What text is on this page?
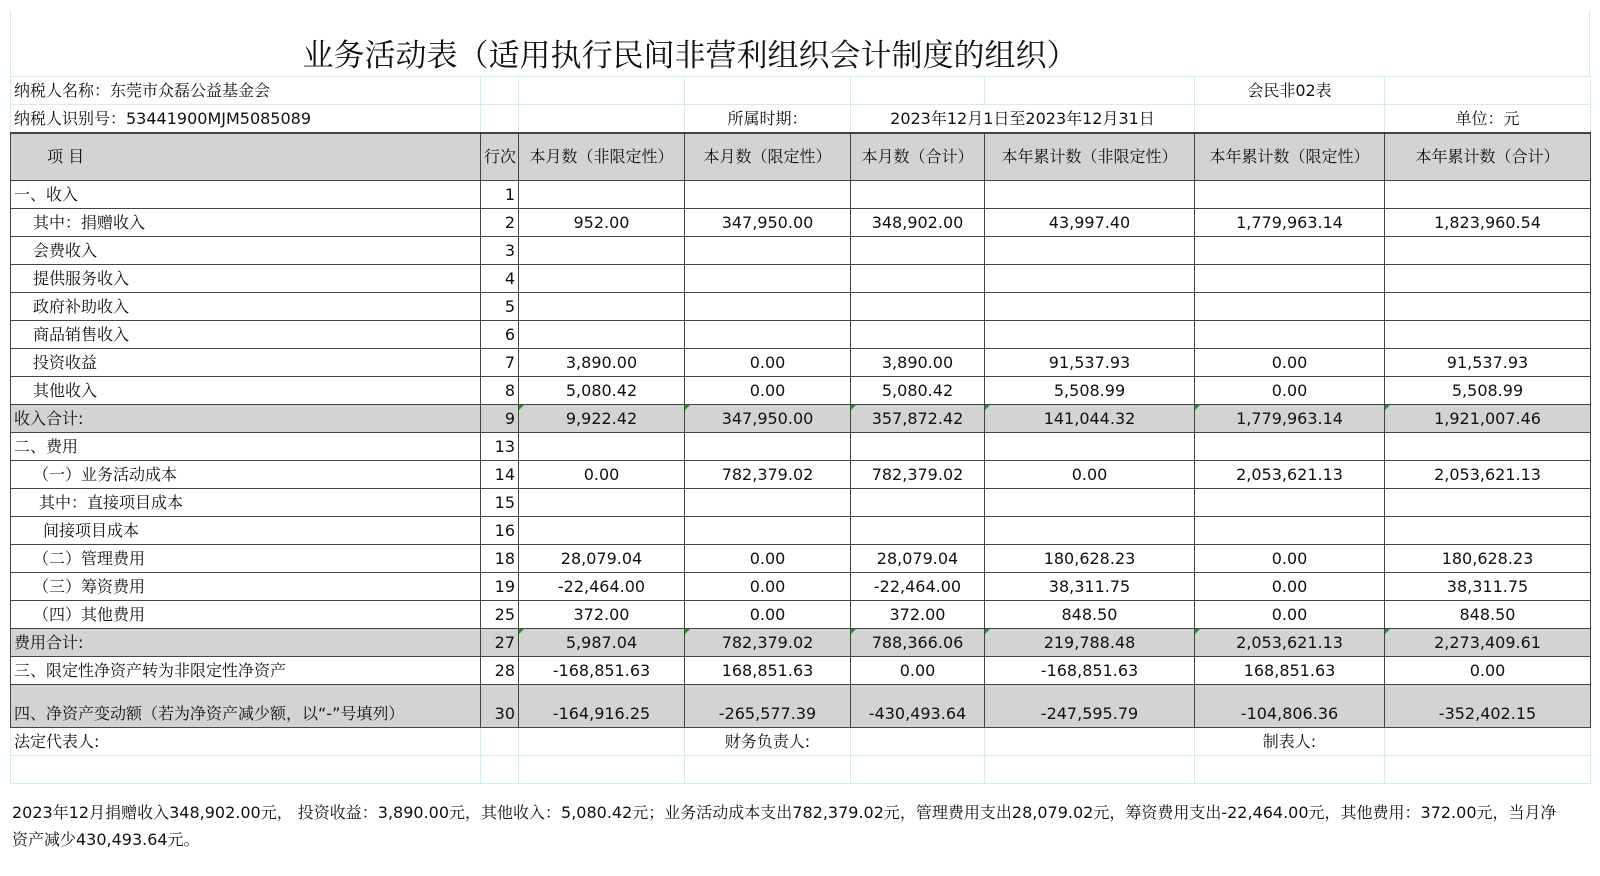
业务活动表（适用执行民间非营利组织会计制度的组织）
纳税人名称：东莞市众磊公益基金会						会民非02表	
纳税人识别号：53441900MJM5085089			所属时期：	2023年12月1日至2023年12月31日			单位：元
项 目	行次	本月数（非限定性）	本月数（限定性）	本月数（合计）	本年累计数（非限定性）	本年累计数（限定性）	本年累计数（合计）
一、收入	1						
其中：捐赠收入	2	952.00	347,950.00	348,902.00	43,997.40	1,779,963.14	1,823,960.54
会费收入	3						
提供服务收入	4						
政府补助收入	5						
商品销售收入	6						
投资收益	7	3,890.00	0.00	3,890.00	91,537.93	0.00	91,537.93
其他收入	8	5,080.42	0.00	5,080.42	5,508.99	0.00	5,508.99
收入合计:	9	9,922.42	347,950.00	357,872.42	141,044.32	1,779,963.14	1,921,007.46
二、费用	13						
（一）业务活动成本	14	0.00	782,379.02	782,379.02	0.00	2,053,621.13	2,053,621.13
其中：直接项目成本	15						
间接项目成本	16						
（二）管理费用	18	28,079.04	0.00	28,079.04	180,628.23	0.00	180,628.23
（三）筹资费用	19	-22,464.00	0.00	-22,464.00	38,311.75	0.00	38,311.75
（四）其他费用	25	372.00	0.00	372.00	848.50	0.00	848.50
费用合计:	27	5,987.04	782,379.02	788,366.06	219,788.48	2,053,621.13	2,273,409.61
三、限定性净资产转为非限定性净资产	28	-168,851.63	168,851.63	0.00	-168,851.63	168,851.63	0.00
四、净资产变动额（若为净资产减少额，以“-”号填列）	30	-164,916.25	-265,577.39	-430,493.64	-247,595.79	-104,806.36	-352,402.15
法定代表人:			财务负责人:			制表人:	

2023年12月捐赠收入348,902.00元， 投资收益：3,890.00元，其他收入：5,080.42元；业务活动成本支出782,379.02元，管理费用支出28,079.02元，筹资费用支出-22,464.00元，其他费用：372.00元，当月净资产减少430,493.64元。
